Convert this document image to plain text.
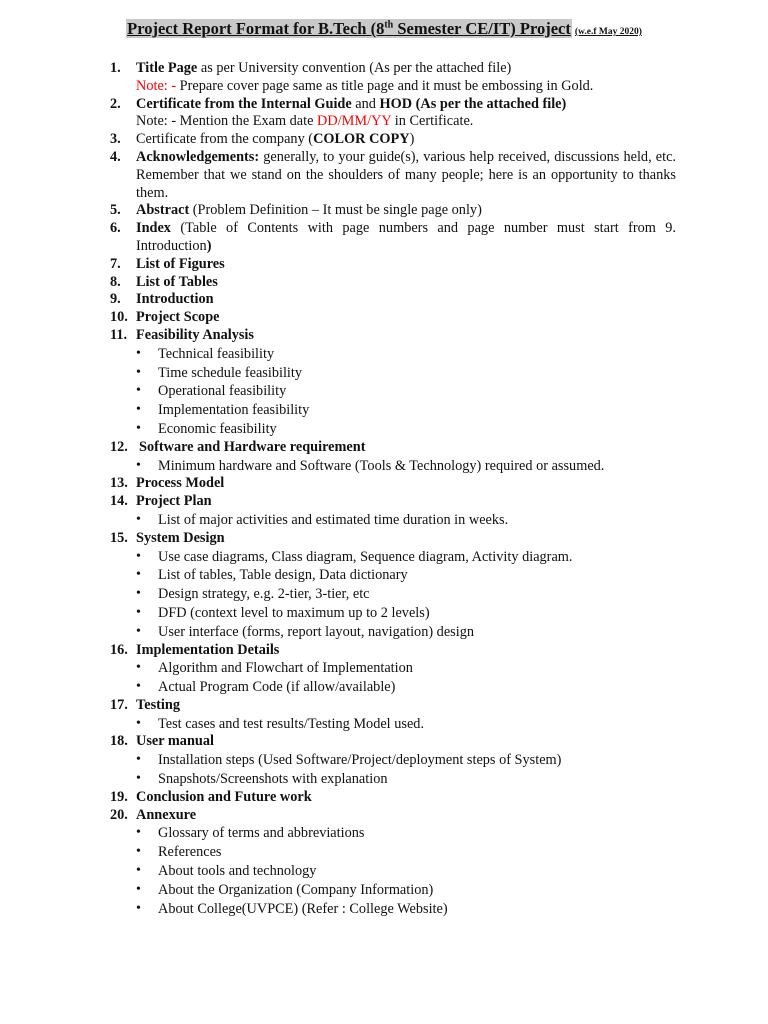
Project Report Format for B.Tech (8th Semester CE/IT) Project (w.e.f May 2020)
1. Title Page as per University convention (As per the attached file)
Note: - Prepare cover page same as title page and it must be embossing in Gold.
2. Certificate from the Internal Guide and HOD (As per the attached file)
Note: - Mention the Exam date DD/MM/YY in Certificate.
3. Certificate from the company (COLOR COPY)
4. Acknowledgements: generally, to your guide(s), various help received, discussions held, etc. Remember that we stand on the shoulders of many people; here is an opportunity to thanks them.
5. Abstract (Problem Definition – It must be single page only)
6. Index (Table of Contents with page numbers and page number must start from 9. Introduction)
7. List of Figures
8. List of Tables
9. Introduction
10. Project Scope
11. Feasibility Analysis
• Technical feasibility
• Time schedule feasibility
• Operational feasibility
• Implementation feasibility
• Economic feasibility
12. Software and Hardware requirement
• Minimum hardware and Software (Tools & Technology) required or assumed.
13. Process Model
14. Project Plan
• List of major activities and estimated time duration in weeks.
15. System Design
• Use case diagrams, Class diagram, Sequence diagram, Activity diagram.
• List of tables, Table design, Data dictionary
• Design strategy, e.g. 2-tier, 3-tier, etc
• DFD (context level to maximum up to 2 levels)
• User interface (forms, report layout, navigation) design
16. Implementation Details
• Algorithm and Flowchart of Implementation
• Actual Program Code (if allow/available)
17. Testing
• Test cases and test results/Testing Model used.
18. User manual
• Installation steps (Used Software/Project/deployment steps of System)
• Snapshots/Screenshots with explanation
19. Conclusion and Future work
20. Annexure
• Glossary of terms and abbreviations
• References
• About tools and technology
• About the Organization (Company Information)
• About College(UVPCE) (Refer : College Website)
